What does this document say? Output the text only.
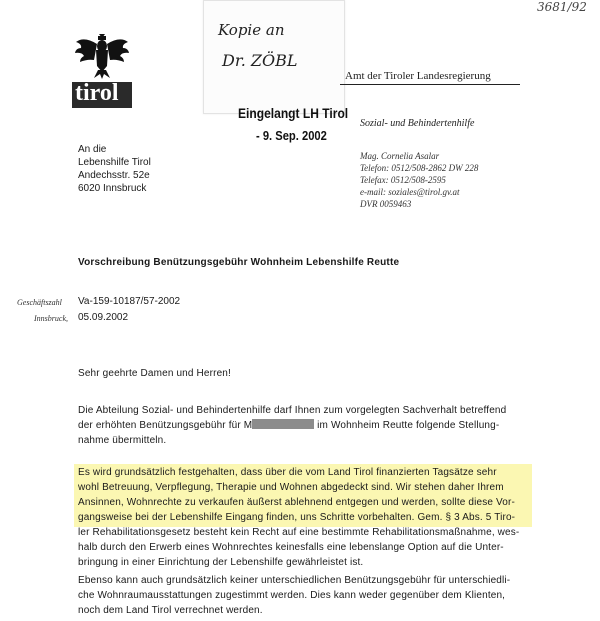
3681/92
Kopie an
Dr. ZÖBL
tirol
Amt der Tiroler Landesregierung
Eingelangt LH Tirol
- 9. Sep. 2002
An die
Lebenshilfe Tirol
Andechsstr. 52e
6020 Innsbruck
Sozial- und Behindertenhilfe
Mag. Cornelia Asalar
Telefon: 0512/508-2862 DW 228
Telefax: 0512/508-2595
e-mail: soziales@tirol.gv.at
DVR 0059463
Vorschreibung Benützungsgebühr Wohnheim Lebenshilfe Reutte
Geschäftszahl Va-159-10187/57-2002
Innsbruck, 05.09.2002
Sehr geehrte Damen und Herren!
Die Abteilung Sozial- und Behindertenhilfe darf Ihnen zum vorgelegten Sachverhalt betreffend
der erhöhten Benützungsgebühr für M	im Wohnheim Reutte folgende Stellung-
nahme übermitteln.
Es wird grundsätzlich festgehalten, dass über die vom Land Tirol finanzierten Tagsätze sehr
wohl Betreuung, Verpflegung, Therapie und Wohnen abgedeckt sind. Wir stehen daher Ihrem
Ansinnen, Wohnrechte zu verkaufen äußerst ablehnend entgegen und werden, sollte diese Vor-
gangsweise bei der Lebenshilfe Eingang finden, uns Schritte vorbehalten. Gem. § 3 Abs. 5 Tiro-
ler Rehabilitationsgesetz besteht kein Recht auf eine bestimmte Rehabilitationsmaßnahme, wes-
halb durch den Erwerb eines Wohnrechtes keinesfalls eine lebenslange Option auf die Unter-
bringung in einer Einrichtung der Lebenshilfe gewährleistet ist.
Ebenso kann auch grundsätzlich keiner unterschiedlichen Benützungsgebühr für unterschiedli-
che Wohnraumausstattungen zugestimmt werden. Dies kann weder gegenüber dem Klienten,
noch dem Land Tirol verrechnet werden.
